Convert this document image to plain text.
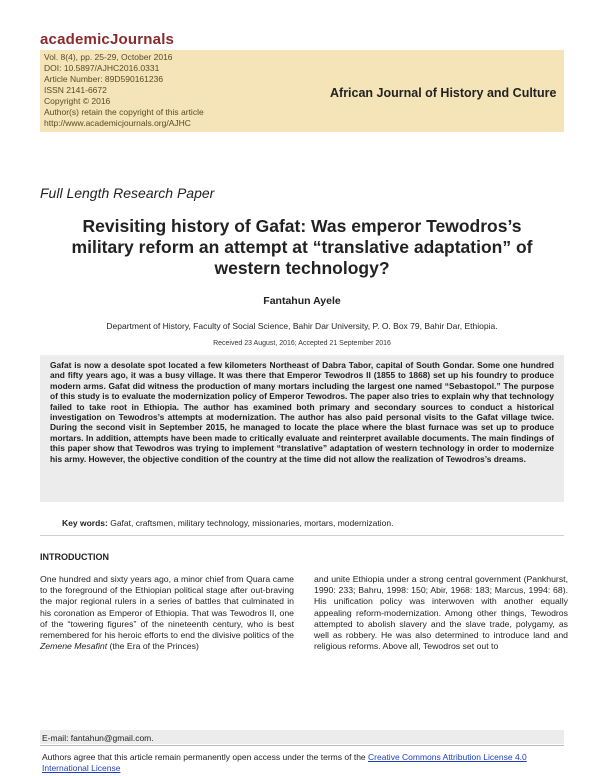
academicJournals
Vol. 8(4), pp. 25-29, October 2016
DOI: 10.5897/AJHC2016.0331
Article Number: 89D590161236
ISSN 2141-6672
Copyright © 2016
Author(s) retain the copyright of this article
http://www.academicjournals.org/AJHC
African Journal of History and Culture
Full Length Research Paper
Revisiting history of Gafat: Was emperor Tewodros’s
military reform an attempt at “translative adaptation” of
western technology?
Fantahun Ayele
Department of History, Faculty of Social Science, Bahir Dar University, P. O. Box 79, Bahir Dar, Ethiopia.
Received 23 August, 2016; Accepted 21 September 2016
Gafat is now a desolate spot located a few kilometers Northeast of Dabra Tabor, capital of South Gondar. Some one hundred and fifty years ago, it was a busy village. It was there that Emperor Tewodros II (1855 to 1868) set up his foundry to produce modern arms. Gafat did witness the production of many mortars including the largest one named “Sebastopol.” The purpose of this study is to evaluate the modernization policy of Emperor Tewodros. The paper also tries to explain why that technology failed to take root in Ethiopia. The author has examined both primary and secondary sources to conduct a historical investigation on Tewodros’s attempts at modernization. The author has also paid personal visits to the Gafat village twice. During the second visit in September 2015, he managed to locate the place where the blast furnace was set up to produce mortars. In addition, attempts have been made to critically evaluate and reinterpret available documents. The main findings of this paper show that Tewodros was trying to implement “translative” adaptation of western technology in order to modernize his army. However, the objective condition of the country at the time did not allow the realization of Tewodros’s dreams.
Key words: Gafat, craftsmen, military technology, missionaries, mortars, modernization.
INTRODUCTION
One hundred and sixty years ago, a minor chief from Quara came to the foreground of the Ethiopian political stage after out-braving the major regional rulers in a series of battles that culminated in his coronation as Emperor of Ethiopia. That was Tewodros II, one of the “towering figures” of the nineteenth century, who is best remembered for his heroic efforts to end the divisive politics of the Zemene Mesafint (the Era of the Princes)
and unite Ethiopia under a strong central government (Pankhurst, 1990: 233; Bahru, 1998: 150; Abir, 1968: 183; Marcus, 1994: 68). His unification policy was interwoven with another equally appealing reform-modernization. Among other things, Tewodros attempted to abolish slavery and the slave trade, polygamy, as well as robbery. He was also determined to introduce land and religious reforms. Above all, Tewodros set out to
E-mail: fantahun@gmail.com.
Authors agree that this article remain permanently open access under the terms of the Creative Commons Attribution License 4.0 International License
